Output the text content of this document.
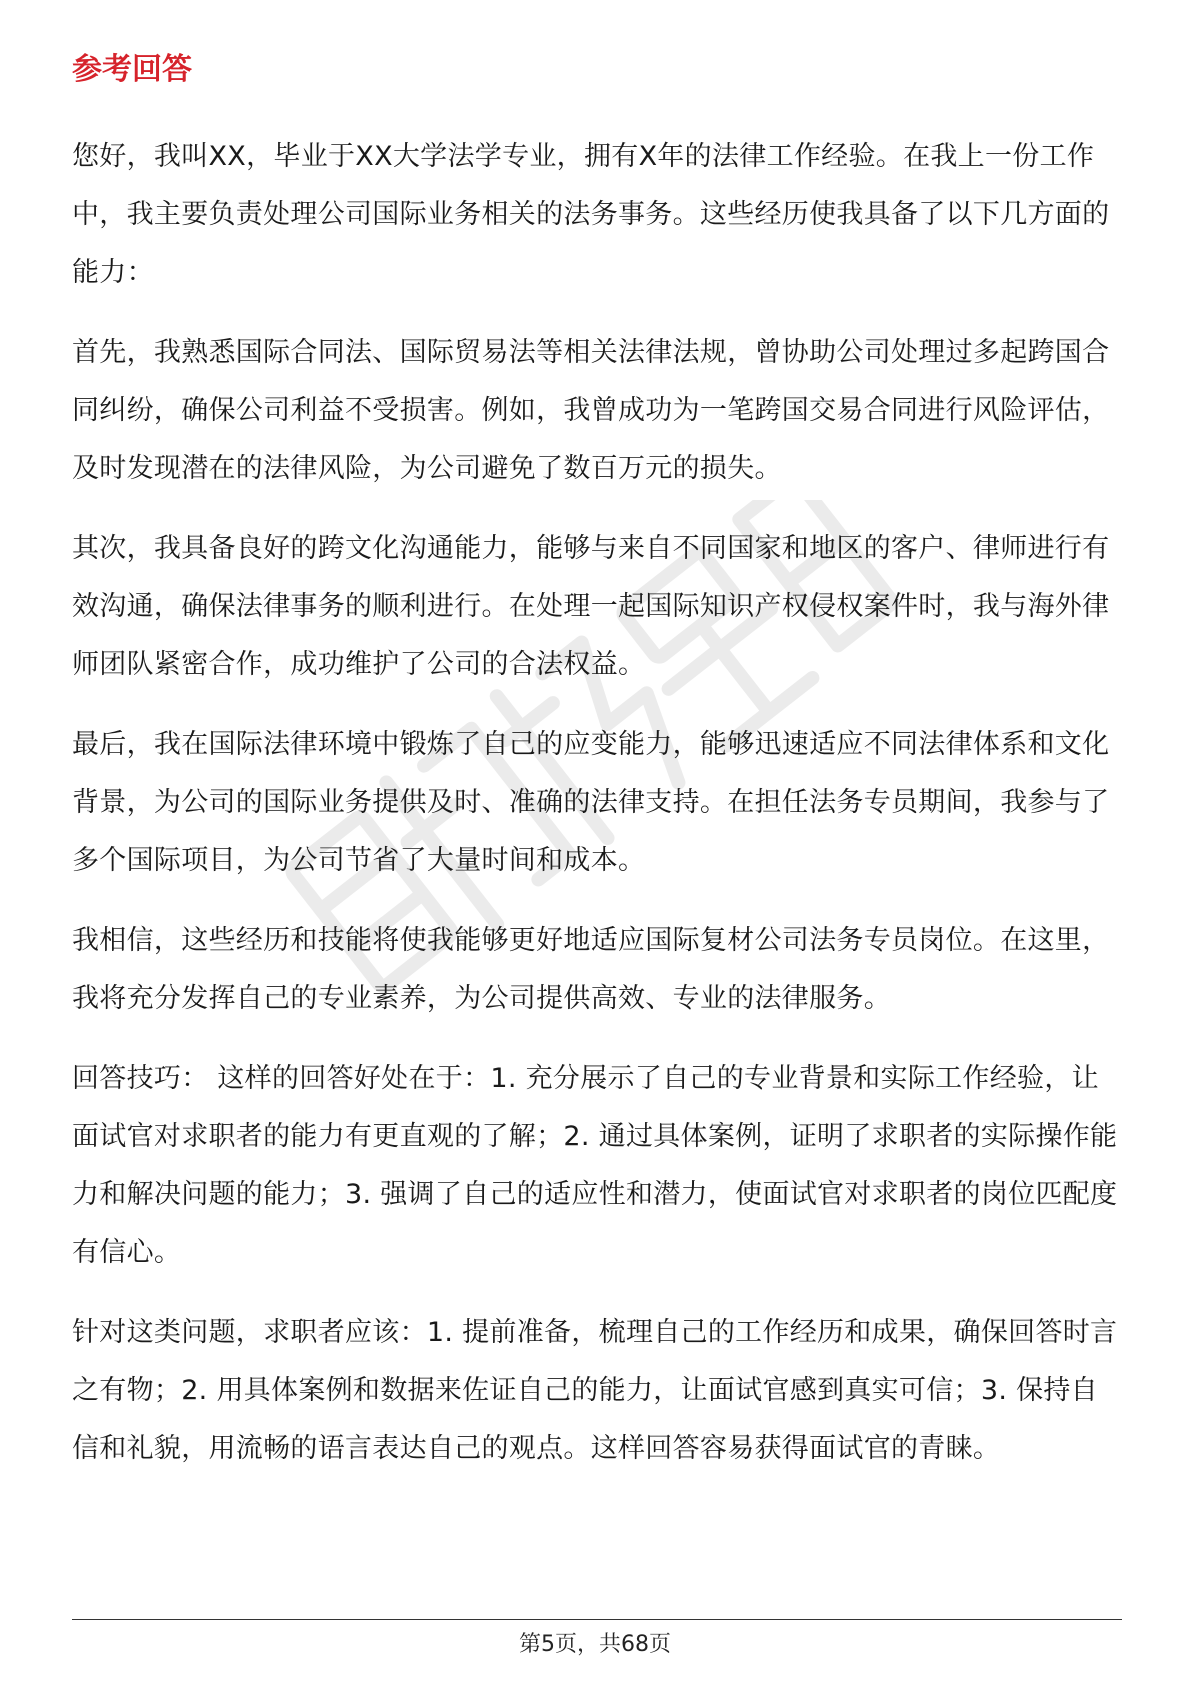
参考回答

您好，我叫XX，毕业于XX大学法学专业，拥有X年的法律工作经验。在我上一份工作中，我主要负责处理公司国际业务相关的法务事务。这些经历使我具备了以下几方面的能力：

首先，我熟悉国际合同法、国际贸易法等相关法律法规，曾协助公司处理过多起跨国合同纠纷，确保公司利益不受损害。例如，我曾成功为一笔跨国交易合同进行风险评估，及时发现潜在的法律风险，为公司避免了数百万元的损失。

其次，我具备良好的跨文化沟通能力，能够与来自不同国家和地区的客户、律师进行有效沟通，确保法律事务的顺利进行。在处理一起国际知识产权侵权案件时，我与海外律师团队紧密合作，成功维护了公司的合法权益。

最后，我在国际法律环境中锻炼了自己的应变能力，能够迅速适应不同法律体系和文化背景，为公司的国际业务提供及时、准确的法律支持。在担任法务专员期间，我参与了多个国际项目，为公司节省了大量时间和成本。

我相信，这些经历和技能将使我能够更好地适应国际复材公司法务专员岗位。在这里，我将充分发挥自己的专业素养，为公司提供高效、专业的法律服务。

回答技巧： 这样的回答好处在于：1. 充分展示了自己的专业背景和实际工作经验，让面试官对求职者的能力有更直观的了解；2. 通过具体案例，证明了求职者的实际操作能力和解决问题的能力；3. 强调了自己的适应性和潜力，使面试官对求职者的岗位匹配度有信心。

针对这类问题，求职者应该：1. 提前准备，梳理自己的工作经历和成果，确保回答时言之有物；2. 用具体案例和数据来佐证自己的能力，让面试官感到真实可信；3. 保持自信和礼貌，用流畅的语言表达自己的观点。这样回答容易获得面试官的青睐。

第5页，共68页
